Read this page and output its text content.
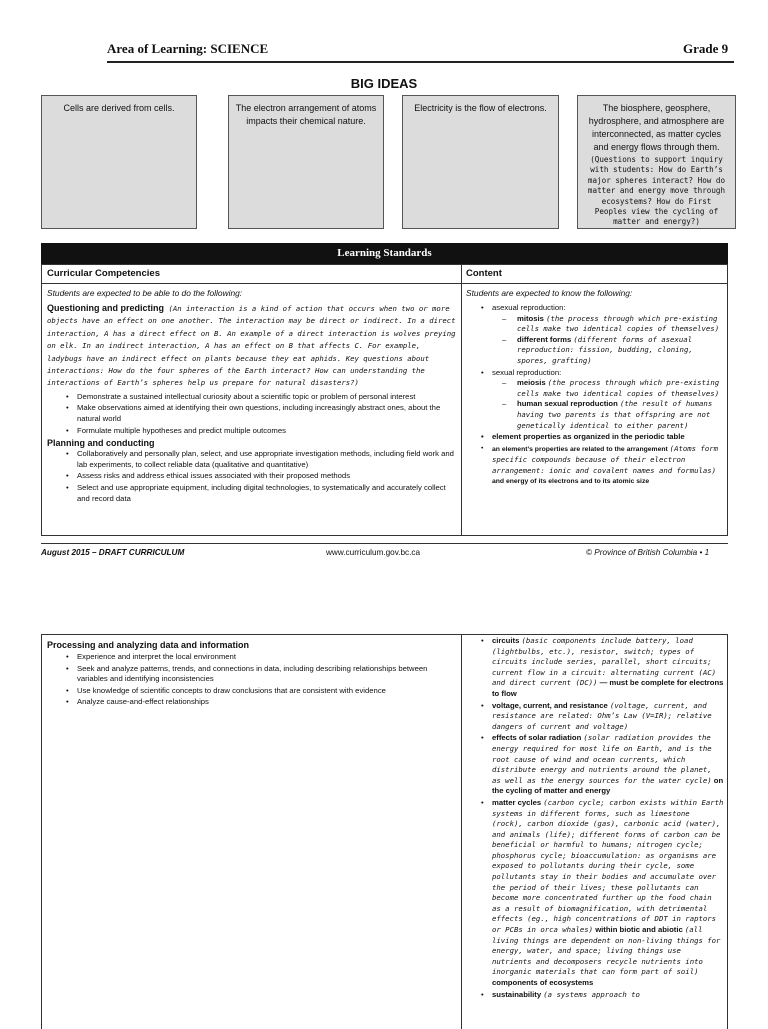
Area of Learning: SCIENCE	Grade 9
BIG IDEAS
Cells are derived from cells.	The electron arrangement of atoms impacts their chemical nature.
Electricity is the flow of electrons.	The biosphere, geosphere, hydrosphere, and atmosphere are interconnected, as matter cycles and energy flows through them.
(Questions to support inquiry with students: How do Earth’s major spheres interact? How do matter and energy move through ecosystems? How do First Peoples view the cycling of matter and energy?)
Learning Standards
Curricular Competencies	Content
Students are expected to be able to do the following:
Questioning and predicting (An interaction is a kind of action that occurs when two or more objects have an effect on one another. The interaction may be direct or indirect. In a direct interaction, A has a direct effect on B. An example of a direct interaction is wolves preying on elk. In an indirect interaction, A has an effect on B that affects C. For example, ladybugs have an indirect effect on plants because they eat aphids. Key questions about interactions: How do the four spheres of the Earth interact? How can understanding the interactions of Earth’s spheres help us prepare for natural disasters?)
• Demonstrate a sustained intellectual curiosity about a scientific topic or problem of personal interest
• Make observations aimed at identifying their own questions, including increasingly abstract ones, about the natural world
• Formulate multiple hypotheses and predict multiple outcomes
Planning and conducting
• Collaboratively and personally plan, select, and use appropriate investigation methods, including field work and lab experiments, to collect reliable data (qualitative and quantitative)
• Assess risks and address ethical issues associated with their proposed methods
• Select and use appropriate equipment, including digital technologies, to systematically and accurately collect and record data
Students are expected to know the following:
• asexual reproduction:
– mitosis (the process through which pre-existing cells make two identical copies of themselves)
– different forms (different forms of asexual reproduction: fission, budding, cloning, spores, grafting)
• sexual reproduction:
– meiosis (the process through which pre-existing cells make two identical copies of themselves)
– human sexual reproduction (the result of humans having two parents is that offspring are not genetically identical to either parent)
• element properties as organized in the periodic table
• an element’s properties are related to the arrangement (Atoms form specific compounds because of their electron arrangement: ionic and covalent names and formulas) and energy of its electrons and to its atomic size
August 2015 – DRAFT CURRICULUM	www.curriculum.gov.bc.ca	© Province of British Columbia • 1
Processing and analyzing data and information
• Experience and interpret the local environment
• Seek and analyze patterns, trends, and connections in data, including describing relationships between variables and identifying inconsistencies
• Use knowledge of scientific concepts to draw conclusions that are consistent with evidence
• Analyze cause-and-effect relationships
• circuits (basic components include battery, load (lightbulbs, etc.), resistor, switch; types of circuits include series, parallel, short circuits; current flow in a circuit: alternating current (AC) and direct current (DC)) — must be complete for electrons to flow
• voltage, current, and resistance (voltage, current, and resistance are related: Ohm’s Law (V=IR); relative dangers of current and voltage)
• effects of solar radiation (solar radiation provides the energy required for most life on Earth, and is the root cause of wind and ocean currents, which distribute energy and nutrients around the planet, as well as the energy sources for the water cycle) on the cycling of matter and energy
• matter cycles (carbon cycle; carbon exists within Earth systems in different forms, such as limestone (rock), carbon dioxide (gas), carbonic acid (water), and animals (life); different forms of carbon can be beneficial or harmful to humans; nitrogen cycle; phosphorus cycle; bioaccumulation: as organisms are exposed to pollutants during their cycle, some pollutants stay in their bodies and accumulate over the period of their lives; these pollutants can become more concentrated further up the food chain as a result of biomagnification, with detrimental effects (eg., high concentrations of DDT in raptors or PCBs in orca whales) within biotic and abiotic (all living things are dependent on non-living things for energy, water, and space; living things use nutrients and decomposers recycle nutrients into inorganic materials that can form part of soil) components of ecosystems
• sustainability (a systems approach to
